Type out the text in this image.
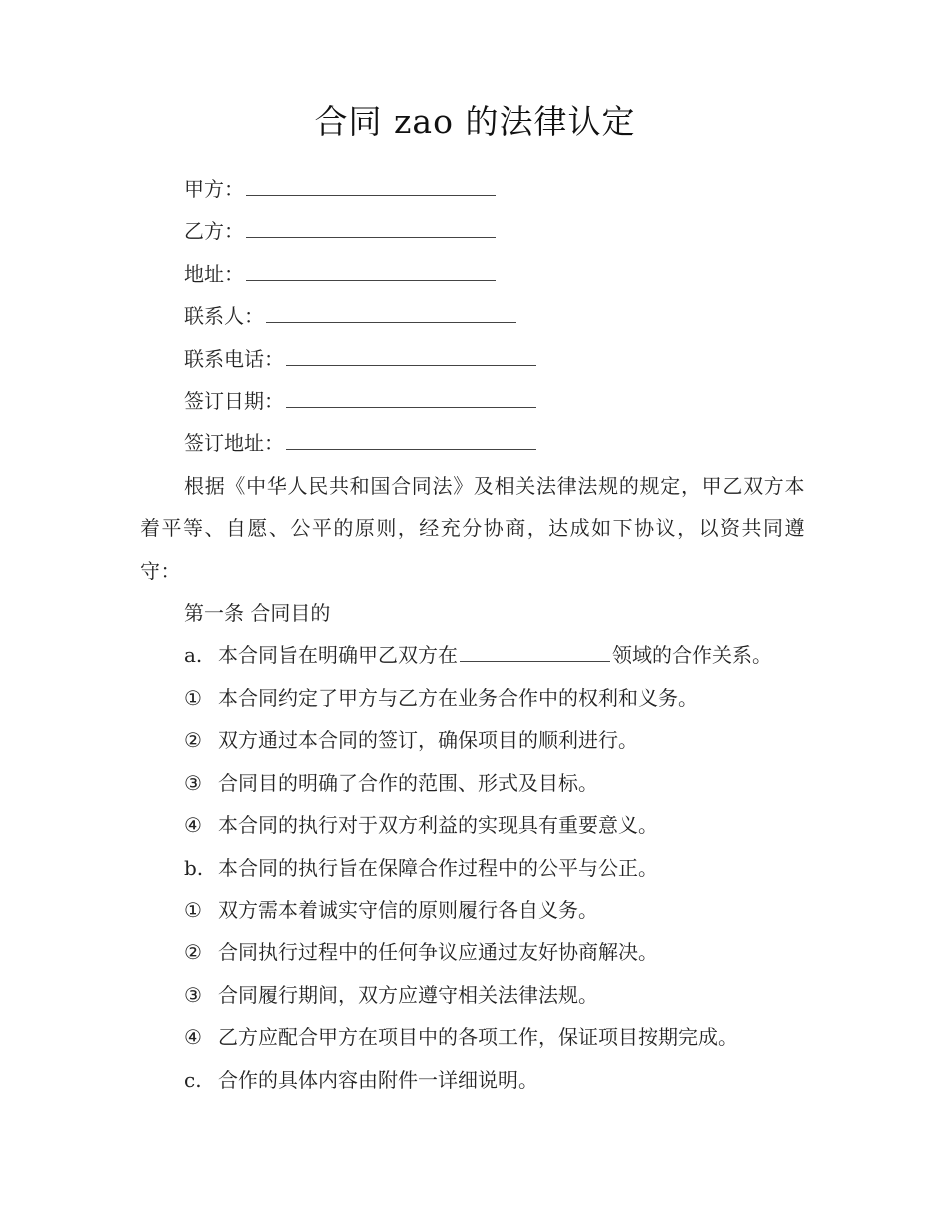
合同 zao 的法律认定
甲方：
乙方：
地址：
联系人：
联系电话：
签订日期：
签订地址：
根据《中华人民共和国合同法》及相关法律法规的规定，甲乙双方本着平等、自愿、公平的原则，经充分协商，达成如下协议，以资共同遵守：
第一条 合同目的
a. 本合同旨在明确甲乙双方在	领域的合作关系。
① 本合同约定了甲方与乙方在业务合作中的权利和义务。
② 双方通过本合同的签订，确保项目的顺利进行。
③ 合同目的明确了合作的范围、形式及目标。
④ 本合同的执行对于双方利益的实现具有重要意义。
b. 本合同的执行旨在保障合作过程中的公平与公正。
① 双方需本着诚实守信的原则履行各自义务。
② 合同执行过程中的任何争议应通过友好协商解决。
③ 合同履行期间，双方应遵守相关法律法规。
④ 乙方应配合甲方在项目中的各项工作，保证项目按期完成。
c. 合作的具体内容由附件一详细说明。
